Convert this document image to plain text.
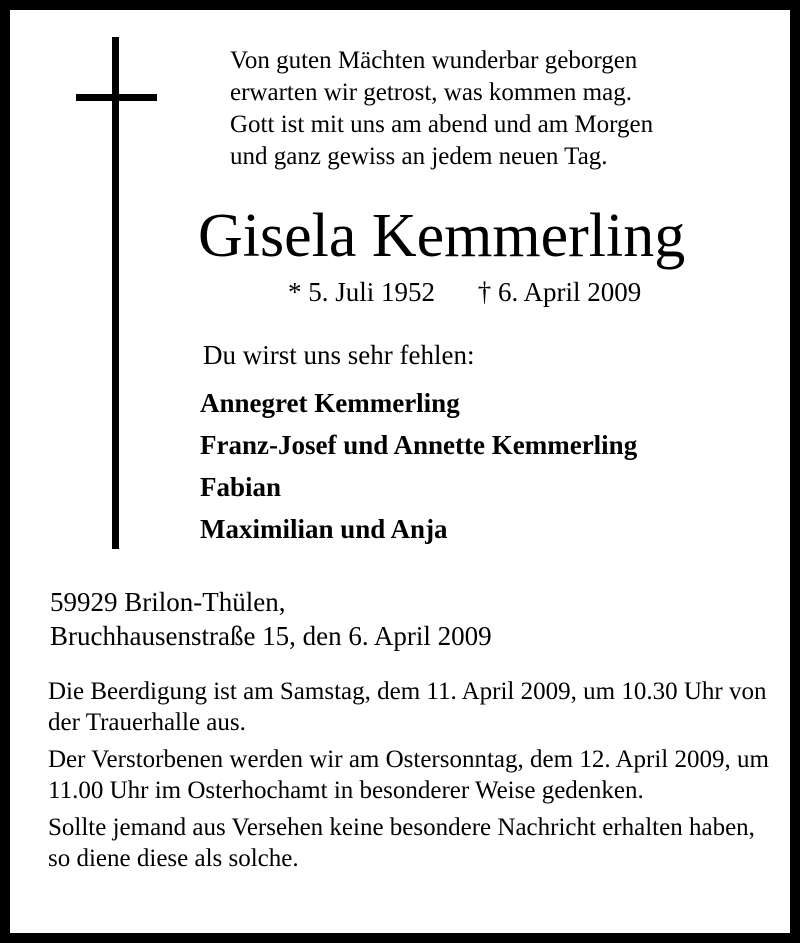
Von guten Mächten wunderbar geborgen
erwarten wir getrost, was kommen mag.
Gott ist mit uns am abend und am Morgen
und ganz gewiss an jedem neuen Tag.
Gisela Kemmerling
* 5. Juli 1952 † 6. April 2009
Du wirst uns sehr fehlen:
Annegret Kemmerling
Franz-Josef und Annette Kemmerling
Fabian
Maximilian und Anja
59929 Brilon-Thülen,
Bruchhausenstraße 15, den 6. April 2009

Die Beerdigung ist am Samstag, dem 11. April 2009, um 10.30 Uhr von der Trauerhalle aus.

Der Verstorbenen werden wir am Ostersonntag, dem 12. April 2009, um 11.00 Uhr im Osterhochamt in besonderer Weise gedenken.

Sollte jemand aus Versehen keine besondere Nachricht erhalten haben, so diene diese als solche.
